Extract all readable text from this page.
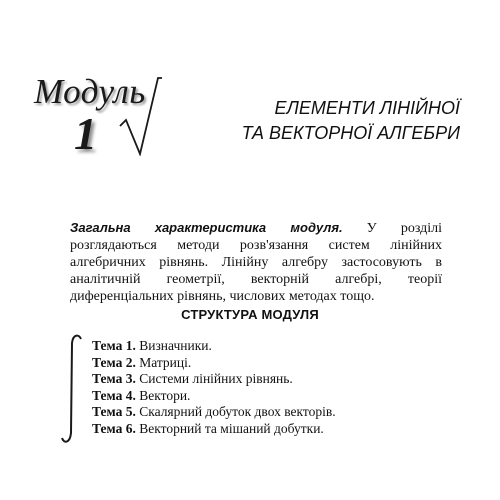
Модуль
1	ЕЛЕМЕНТИ ЛІНІЙНОЇ
ТА ВЕКТОРНОЇ АЛГЕБРИ

Загальна характеристика модуля. У розділі розглядаються методи розв'язання систем лінійних алгебричних рівнянь. Лінійну алгебру застосовують в аналітичній геометрії, векторній алгебрі, теорії диференціальних рівнянь, числових методах тощо.

СТРУКТУРА МОДУЛЯ
Тема 1. Визначники.
Тема 2. Матриці.
Тема 3. Системи лінійних рівнянь.
Тема 4. Вектори.
Тема 5. Скалярний добуток двох векторів.
Тема 6. Векторний та мішаний добутки.
